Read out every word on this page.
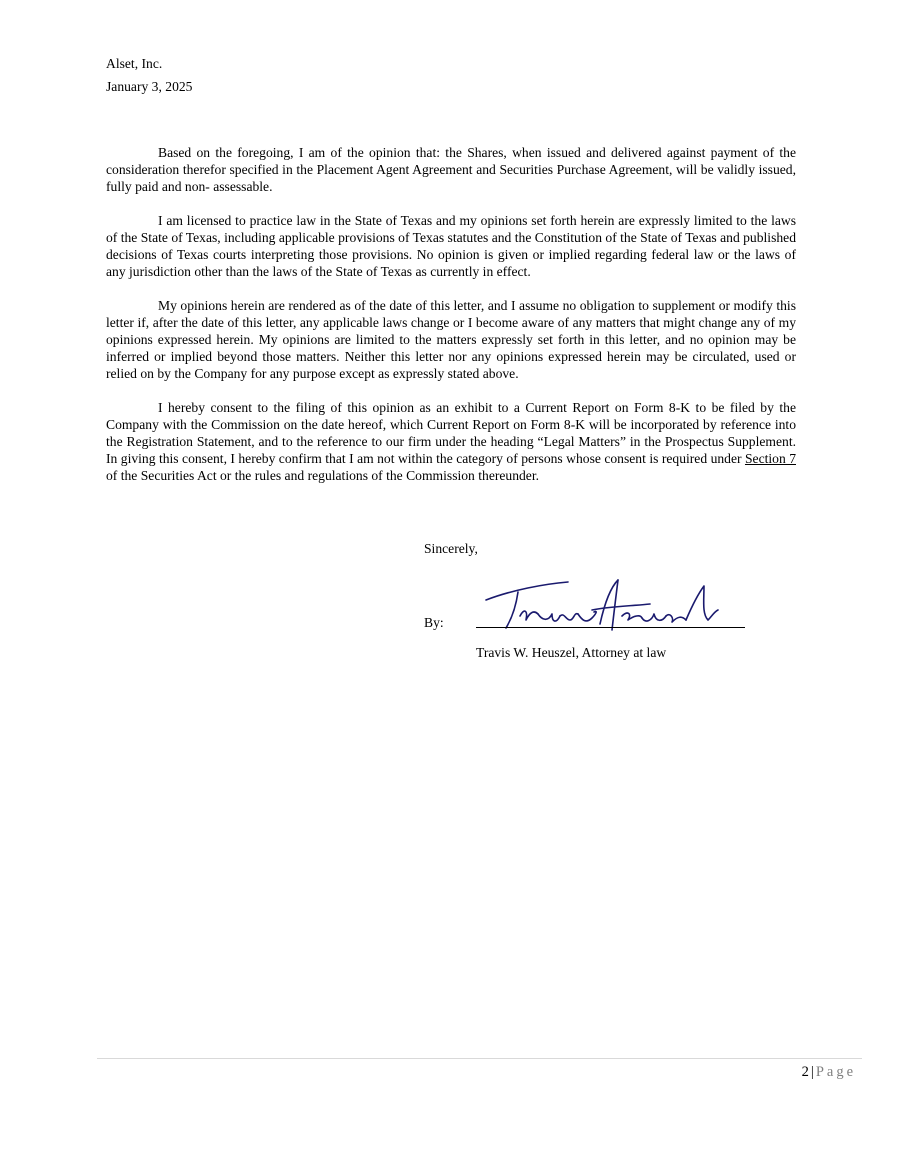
Alset, Inc.
January 3, 2025

Based on the foregoing, I am of the opinion that: the Shares, when issued and delivered against payment of the consideration therefor specified in the Placement Agent Agreement and Securities Purchase Agreement, will be validly issued, fully paid and non- assessable.

I am licensed to practice law in the State of Texas and my opinions set forth herein are expressly limited to the laws of the State of Texas, including applicable provisions of Texas statutes and the Constitution of the State of Texas and published decisions of Texas courts interpreting those provisions. No opinion is given or implied regarding federal law or the laws of any jurisdiction other than the laws of the State of Texas as currently in effect.

My opinions herein are rendered as of the date of this letter, and I assume no obligation to supplement or modify this letter if, after the date of this letter, any applicable laws change or I become aware of any matters that might change any of my opinions expressed herein. My opinions are limited to the matters expressly set forth in this letter, and no opinion may be inferred or implied beyond those matters. Neither this letter nor any opinions expressed herein may be circulated, used or relied on by the Company for any purpose except as expressly stated above.

I hereby consent to the filing of this opinion as an exhibit to a Current Report on Form 8-K to be filed by the Company with the Commission on the date hereof, which Current Report on Form 8-K will be incorporated by reference into the Registration Statement, and to the reference to our firm under the heading “Legal Matters” in the Prospectus Supplement. In giving this consent, I hereby confirm that I am not within the category of persons whose consent is required under Section 7 of the Securities Act or the rules and regulations of the Commission thereunder.

Sincerely,
By:
Travis W. Heuszel, Attorney at law
2 | Page
